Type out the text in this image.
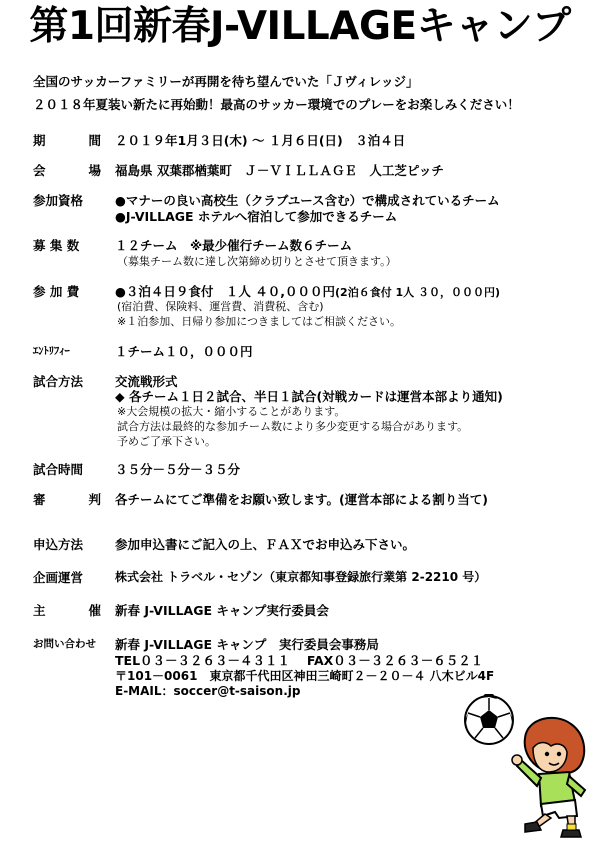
第1回新春J-VILLAGEキャンプ
全国のサッカーファミリーが再開を待ち望んでいた「Ｊヴィレッジ」
２０１８年夏装い新たに再始動！最高のサッカー環境でのプレーをお楽しみください！
期	間 ２０１９年1月３日(木) ～ １月６日(日)　３泊４日
会	場 福島県 双葉郡楢葉町　Ｊ－ＶＩＬＬＡＧＥ　人工芝ピッチ
参加資格	●マナーの良い高校生（クラブユース含む）で構成されているチーム
●J-VILLAGE ホテルへ宿泊して参加できるチーム
募 集 数	１２チーム　※最少催行チーム数６チーム
（募集チーム数に達し次第締め切りとさせて頂きます。）
参 加 費	●３泊４日９食付　１人 ４０,０００円(2泊６食付 1人 ３０，０００円)
(宿泊費、保険料、運営費、消費税、含む)
※１泊参加、日帰り参加につきましてはご相談ください。
ｴﾝﾄﾘﾌｨｰ	１チーム１０，０００円
試合方法	交流戦形式
◆ 各チーム１日２試合、半日１試合(対戦カードは運営本部より通知)
※大会規模の拡大・縮小することがあります。
試合方法は最終的な参加チーム数により多少変更する場合があります。
予めご了承下さい。
試合時間	３５分－５分－３５分
審	判 各チームにてご準備をお願い致します。(運営本部による割り当て)
申込方法	参加申込書にご記入の上、ＦＡＸでお申込み下さい。
企画運営	株式会社 トラベル・セゾン（東京都知事登録旅行業第 2-2210 号）
主	催 新春 J-VILLAGE キャンプ実行委員会
お問い合わせ 新春 J-VILLAGE キャンプ　実行委員会事務局
TEL０３－３２６３－４３１１　 FAX０３－３２６３－６５２１
〒101－0061　東京都千代田区神田三崎町２－２０－４ 八木ビル4F
E-MAIL：soccer@t-saison.jp
